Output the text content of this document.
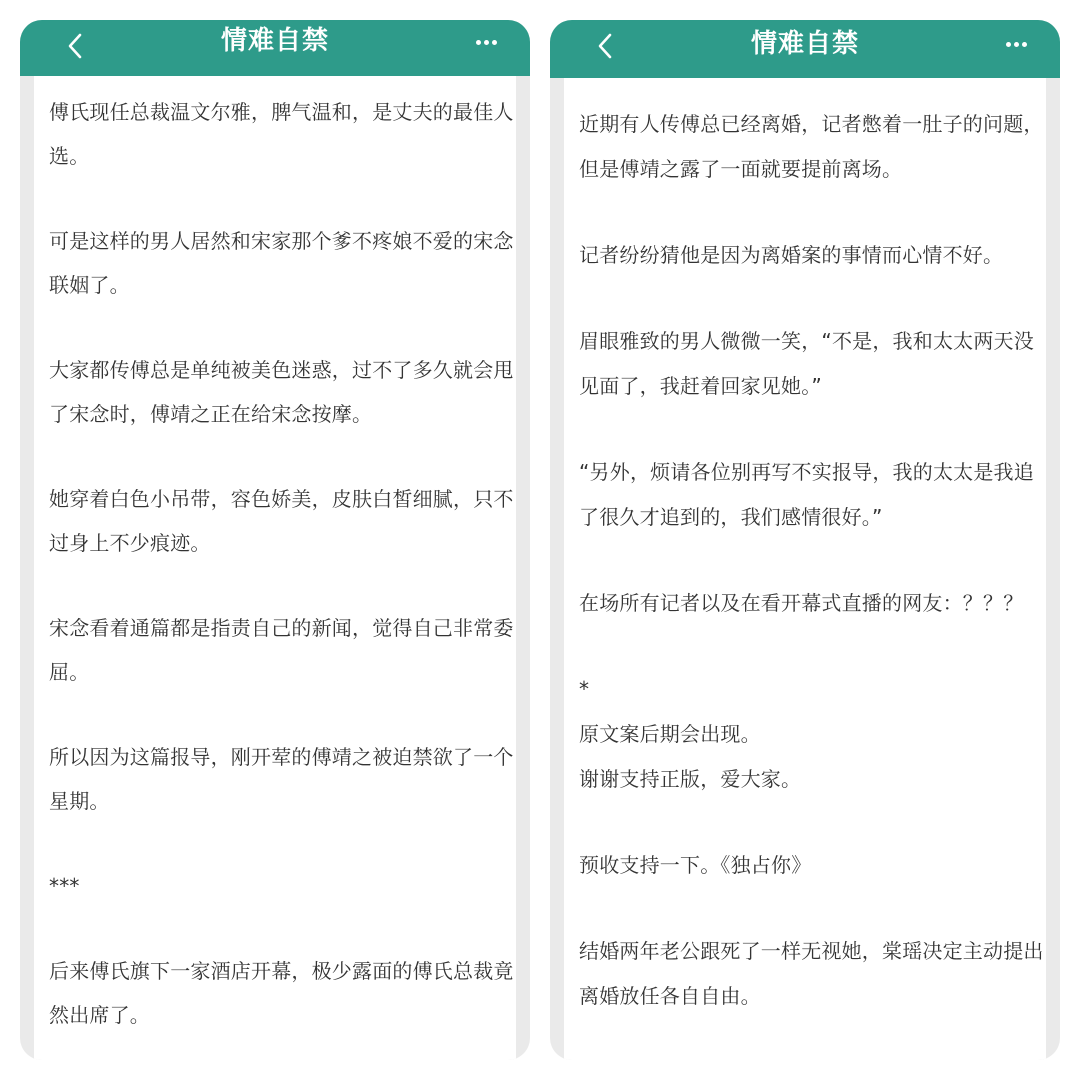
情难自禁

傅氏现任总裁温文尔雅，脾气温和，是丈夫的最佳人选。

可是这样的男人居然和宋家那个爹不疼娘不爱的宋念联姻了。

大家都传傅总是单纯被美色迷惑，过不了多久就会甩了宋念时，傅靖之正在给宋念按摩。

她穿着白色小吊带，容色娇美，皮肤白皙细腻，只不过身上不少痕迹。

宋念看着通篇都是指责自己的新闻，觉得自己非常委屈。

所以因为这篇报导，刚开荤的傅靖之被迫禁欲了一个星期。

***

后来傅氏旗下一家酒店开幕，极少露面的傅氏总裁竟然出席了。

情难自禁

近期有人传傅总已经离婚，记者憋着一肚子的问题，但是傅靖之露了一面就要提前离场。

记者纷纷猜他是因为离婚案的事情而心情不好。

眉眼雅致的男人微微一笑，“不是，我和太太两天没见面了，我赶着回家见她。”

“另外，烦请各位别再写不实报导，我的太太是我追了很久才追到的，我们感情很好。”

在场所有记者以及在看开幕式直播的网友：？？？

*

原文案后期会出现。

谢谢支持正版，爱大家。

预收支持一下。《独占你》

结婚两年老公跟死了一样无视她，棠瑶决定主动提出离婚放任各自自由。
